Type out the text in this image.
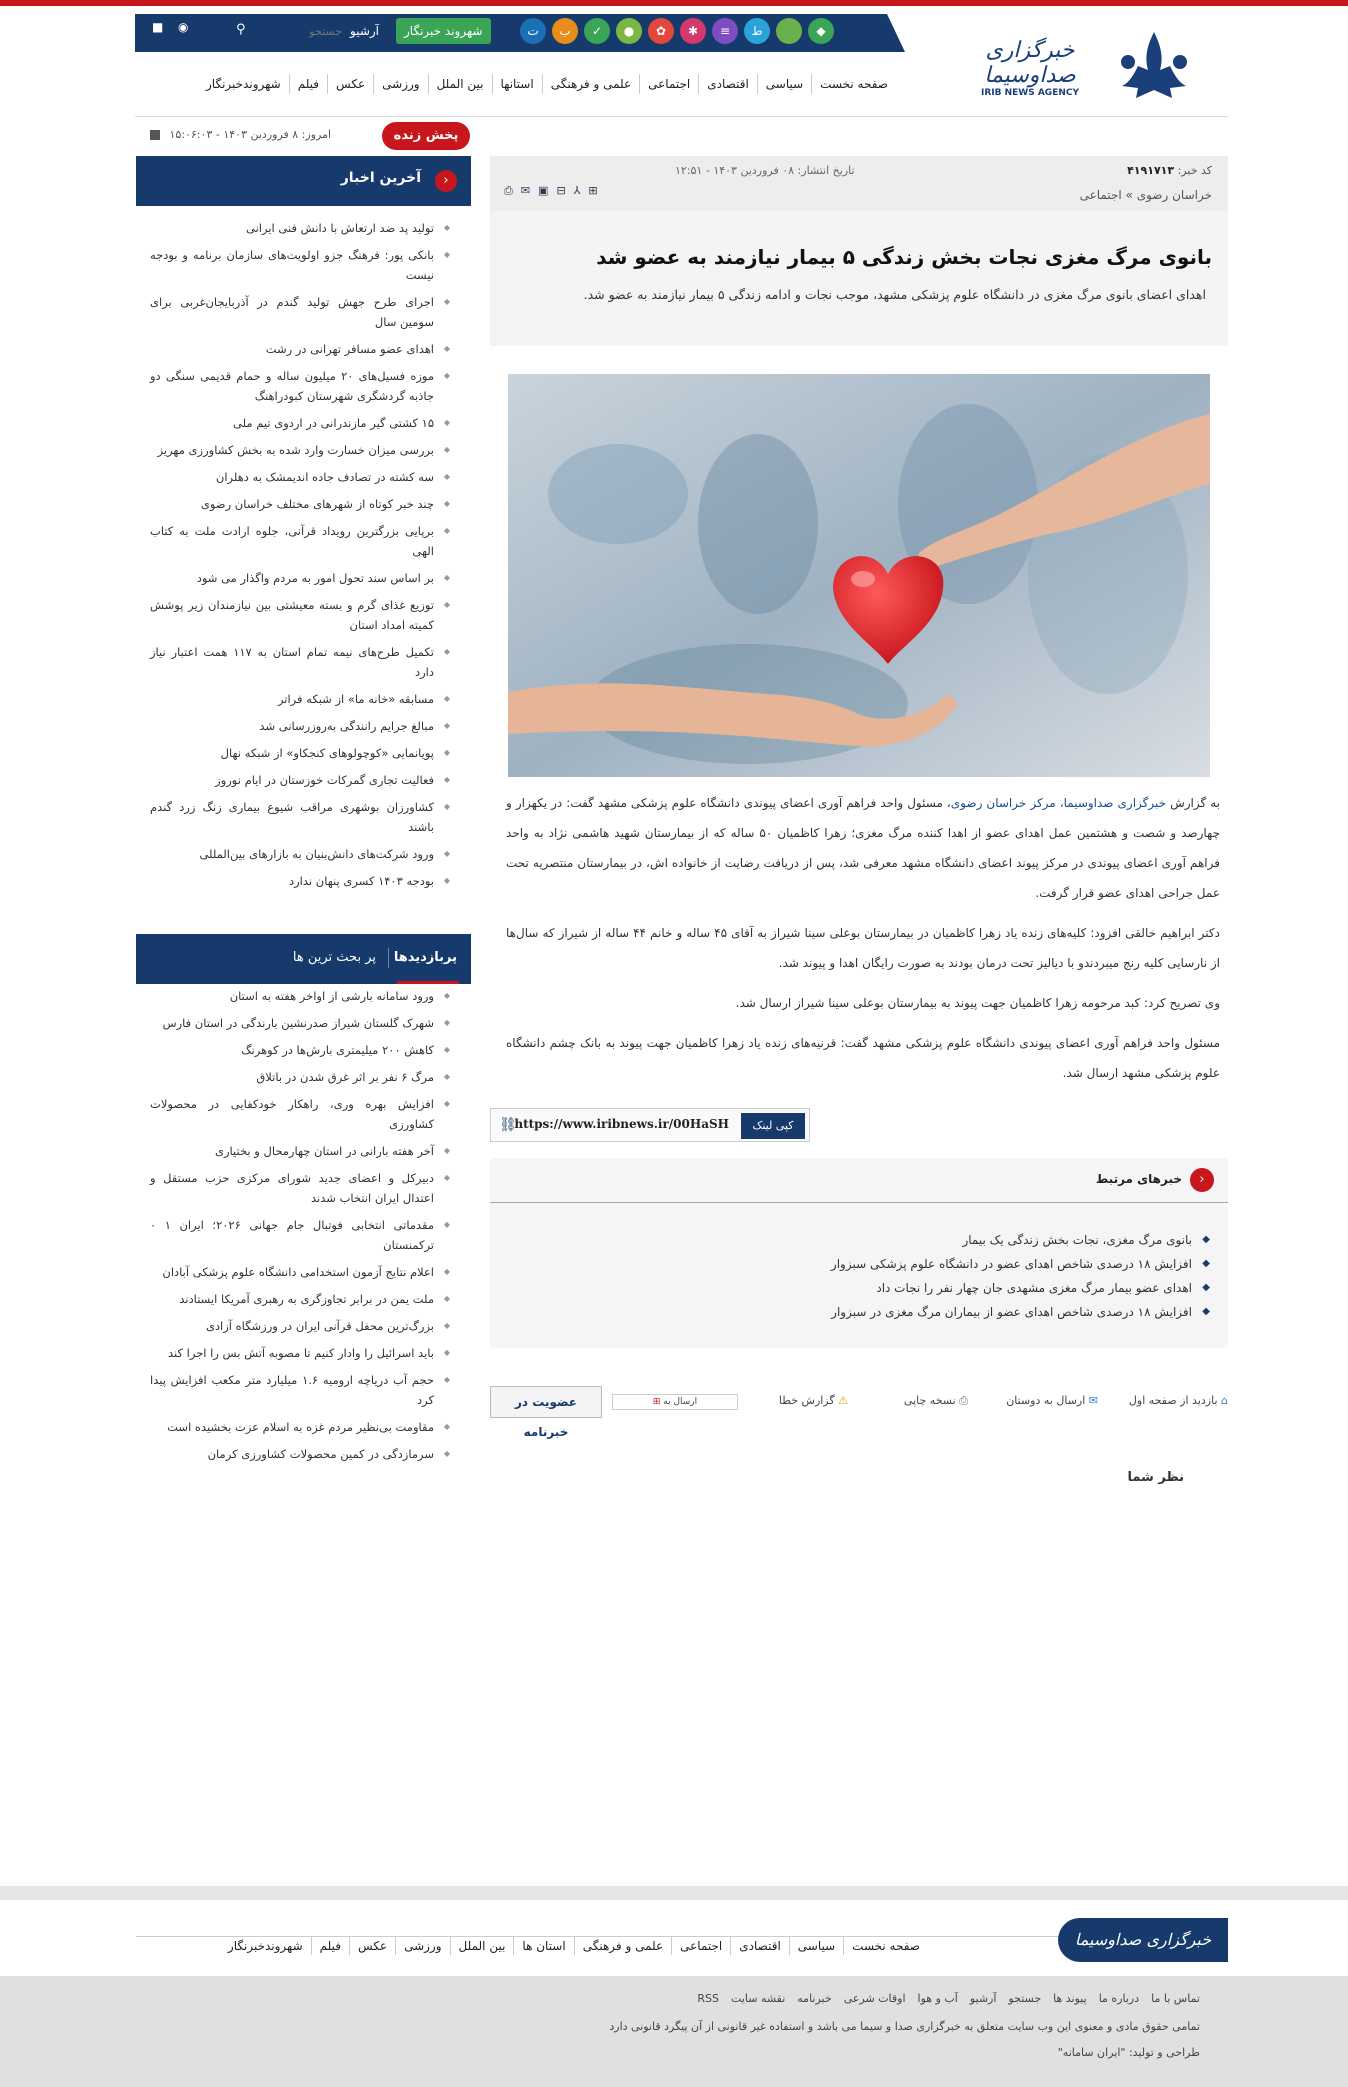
ت	ب	✓	●	✿	✱	≡	ط	◆
شهروند خبرنگار
آرشیو
جستجو
⚲
◉
■
خبرگزاری صداوسیما
IRIB NEWS AGENCY
صفحه نخست
سیاسی
اقتصادی
اجتماعی
علمی و فرهنگی
استانها
بین الملل
ورزشی
عکس
فیلم
شهروندخبرنگار
پخش زنده
امروز: ۸ فروردین ۱۴۰۳ - ۱۵:۰۶:۰۳
‹
آخرین اخبار
◆ تولید پد ضد ارتعاش با دانش فنی ایرانی
◆ بانکی پور: فرهنگ جزو اولویت‌های سازمان برنامه و بودجه نیست
◆ اجرای طرح جهش تولید گندم در آذربایجان‌غربی برای سومین سال
◆ اهدای عضو مسافر تهرانی در رشت
◆ موزه فسیل‌های ۲۰ میلیون ساله و حمام قدیمی سنگی دو جاذبه گردشگری شهرستان کبودراهنگ
◆ ۱۵ کشتی گیر مازندرانی در اردوی تیم ملی
◆ بررسی میزان خسارت وارد شده به بخش کشاورزی مهریز
◆ سه کشته در تصادف جاده اندیمشک به دهلران
◆ چند خبر کوتاه از شهرهای مختلف خراسان رضوی
◆ برپایی بزرگترین رویداد قرآنی، جلوه ارادت ملت به کتاب الهی
◆ بر اساس سند تحول امور به مردم واگذار می شود
◆ توزیع غذای گرم و بسته معیشتی بین نیازمندان زیر پوشش کمیته امداد استان
◆ تکمیل طرح‌های نیمه تمام استان به ۱۱۷ همت اعتبار نیاز دارد
◆ مسابقه «خانه ما» از شبکه فراتر
◆ مبالغ جرایم رانندگی به‌روزرسانی شد
◆ پویانمایی «کوچولوهای کنجکاو» از شبکه نهال
◆ فعالیت تجاری گمرکات خوزستان در ایام نوروز
◆ کشاورزان بوشهری مراقب شیوع بیماری زنگ زرد گندم باشند
◆ ورود شرکت‌های دانش‌بنیان به بازارهای بین‌المللی
◆ بودجه ۱۴۰۳ کسری پنهان ندارد
پربازدیدها
پر بحث ترین ها
◆ ورود سامانه بارشی از اواخر هفته به استان
◆ شهرک گلستان شیراز صدرنشین بارندگی در استان فارس
◆ کاهش ۲۰۰ میلیمتری بارش‌ها در کوهرنگ
◆ مرگ ۶ نفر بر اثر غرق شدن در باتلاق
◆ افزایش بهره وری، راهکار خودکفایی در محصولات کشاورزی
◆ آخر هفته بارانی در استان چهارمحال و بختیاری
◆ دبیرکل و اعضای جدید شورای مرکزی حزب مستقل و اعتدال ایران انتخاب شدند
◆ مقدماتی انتخابی فوتبال جام جهانی ۲۰۲۶؛ ایران ۱ ۰ ترکمنستان
◆ اعلام نتایج آزمون استخدامی دانشگاه علوم پزشکی آبادان
◆ ملت یمن در برابر تجاوزگری به رهبری آمریکا ایستادند
◆ بزرگ‌ترین محفل قرآنی ایران در ورزشگاه آزادی
◆ باید اسرائیل را وادار کنیم تا مصوبه آتش بس را اجرا کند
◆ حجم آب دریاچه ارومیه ۱.۶ میلیارد متر مکعب افزایش پیدا کرد
◆ مقاومت بی‌نظیر مردم غزه به اسلام عزت بخشیده است
◆ سرمازدگی در کمین محصولات کشاورزی کرمان
کد خبر: ۴۱۹۱۷۱۳
تاریخ انتشار: ۰۸ فروردین ۱۴۰۳ - ۱۲:۵۱
خراسان رضوی » اجتماعی
⎙ ✉ ▣ ⊟ ⅄ ⊞
بانوی مرگ مغزی نجات بخش زندگی ۵ بیمار نیازمند به عضو شد
اهدای اعضای بانوی مرگ مغزی در دانشگاه علوم پزشکی مشهد، موجب نجات و ادامه زندگی ۵ بیمار نیازمند به عضو شد.

به گزارش خبرگزاری صداوسیما، مرکز خراسان رضوی، مسئول واحد فراهم آوری اعضای پیوندی دانشگاه علوم پزشکی مشهد گفت: در یکهزار و چهارصد و شصت و هشتمین عمل اهدای عضو از اهدا کننده مرگ مغزی؛ زهرا کاظمیان ۵۰ ساله که از بیمارستان شهید هاشمی نژاد به واحد فراهم آوری اعضای پیوندی در مرکز پیوند اعضای دانشگاه مشهد معرفی شد، پس از دریافت رضایت از خانواده اش، در بیمارستان منتصریه تحت عمل جراحی اهدای عضو قرار گرفت.

دکتر ابراهیم خالقی افزود: کلیه‌های زنده یاد زهرا کاظمیان در بیمارستان بوعلی سینا شیراز به آقای ۴۵ ساله و خانم ۴۴ ساله از شیراز که سال‌ها از نارسایی کلیه رنج میبردندو با دیالیز تحت درمان بودند به صورت رایگان اهدا و پیوند شد.

وی تصریح کرد: کبد مرحومه زهرا کاظمیان جهت پیوند به بیمارستان بوعلی سینا شیراز ارسال شد.

مسئول واحد فراهم آوری اعضای پیوندی دانشگاه علوم پزشکی مشهد گفت: قرنیه‌های زنده یاد زهرا کاظمیان جهت پیوند به بانک چشم دانشگاه علوم پزشکی مشهد ارسال شد.

کپی لینک
https://www.iribnews.ir/00HaSH
⛓
‹
خبرهای مرتبط
◆ بانوی مرگ مغزی، نجات بخش زندگی یک بیمار
◆ افزایش ۱۸ درصدی شاخص اهدای عضو در دانشگاه علوم پزشکی سبزوار
◆ اهدای عضو بیمار مرگ مغزی مشهدی جان چهار نفر را نجات داد
◆ افزایش ۱۸ درصدی شاخص اهدای عضو از بیماران مرگ مغزی در سبزوار
⌂ بازدید از صفحه اول
✉ ارسال به دوستان
⎙ نسخه چاپی
⚠ گزارش خطا
ارسال به ⊞
عضویت در خبرنامه
نظر شما
خبرگزاری صداوسیما
صفحه نخست
سیاسی
اقتصادی
اجتماعی
علمی و فرهنگی
استان ها
بین الملل
ورزشی
عکس
فیلم
شهروندخبرنگار
تماس با ما
درباره ما
پیوند ها
جستجو
آرشیو
آب و هوا
اوقات شرعی
خبرنامه
نقشه سایت
RSS
تمامی حقوق مادی و معنوی این وب سایت متعلق به خبرگزاری صدا و سیما می باشد و استفاده غیر قانونی از آن پیگرد قانونی دارد
طراحی و تولید: "ایران سامانه"
